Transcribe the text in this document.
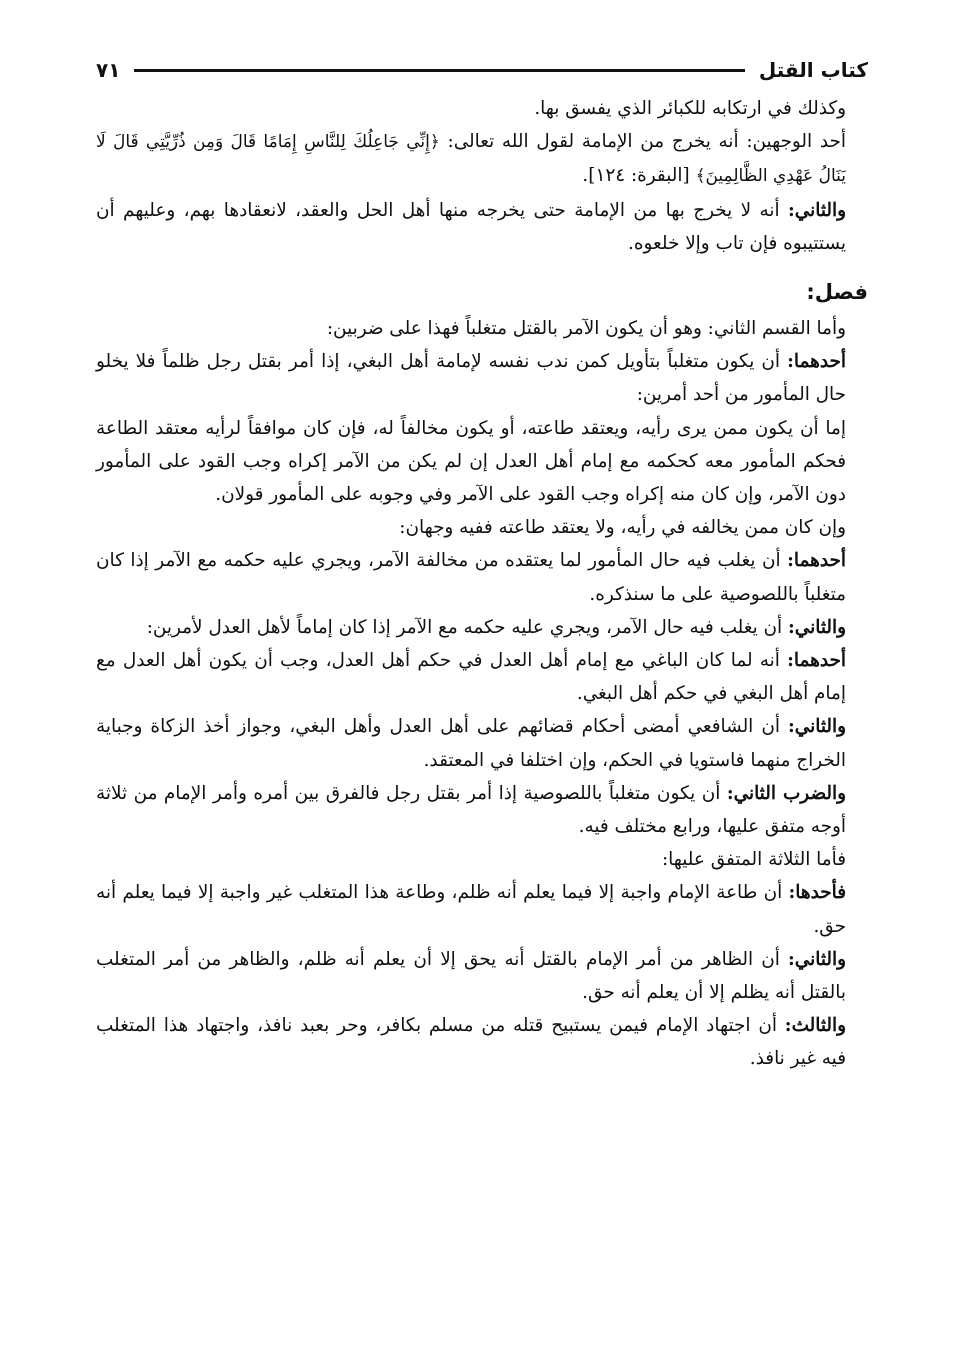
كتاب القتل
٧١

وكذلك في ارتكابه للكبائر الذي يفسق بها.

أحد الوجهين: أنه يخرج من الإمامة لقول الله تعالى: ﴿إِنِّي جَاعِلُكَ لِلنَّاسِ إِمَامًا قَالَ وَمِن ذُرِّيَّتِي قَالَ لَا يَنَالُ عَهْدِي الظَّالِمِينَ﴾ [البقرة: ١٢٤].

والثاني: أنه لا يخرج بها من الإمامة حتى يخرجه منها أهل الحل والعقد، لانعقادها بهم، وعليهم أن يستتيبوه فإن تاب وإلا خلعوه.

فصل:

وأما القسم الثاني: وهو أن يكون الآمر بالقتل متغلباً فهذا على ضربين:

أحدهما: أن يكون متغلباً بتأويل كمن ندب نفسه لإمامة أهل البغي، إذا أمر بقتل رجل ظلماً فلا يخلو حال المأمور من أحد أمرين:

إما أن يكون ممن يرى رأيه، ويعتقد طاعته، أو يكون مخالفاً له، فإن كان موافقاً لرأيه معتقد الطاعة فحكم المأمور معه كحكمه مع إمام أهل العدل إن لم يكن من الآمر إكراه وجب القود على المأمور دون الآمر، وإن كان منه إكراه وجب القود على الآمر وفي وجوبه على المأمور قولان.

وإن كان ممن يخالفه في رأيه، ولا يعتقد طاعته ففيه وجهان:

أحدهما: أن يغلب فيه حال المأمور لما يعتقده من مخالفة الآمر، ويجري عليه حكمه مع الآمر إذا كان متغلباً باللصوصية على ما سنذكره.

والثاني: أن يغلب فيه حال الآمر، ويجري عليه حكمه مع الآمر إذا كان إماماً لأهل العدل لأمرين:

أحدهما: أنه لما كان الباغي مع إمام أهل العدل في حكم أهل العدل، وجب أن يكون أهل العدل مع إمام أهل البغي في حكم أهل البغي.

والثاني: أن الشافعي أمضى أحكام قضائهم على أهل العدل وأهل البغي، وجواز أخذ الزكاة وجباية الخراج منهما فاستويا في الحكم، وإن اختلفا في المعتقد.

والضرب الثاني: أن يكون متغلباً باللصوصية إذا أمر بقتل رجل فالفرق بين أمره وأمر الإمام من ثلاثة أوجه متفق عليها، ورابع مختلف فيه.

فأما الثلاثة المتفق عليها:

فأحدها: أن طاعة الإمام واجبة إلا فيما يعلم أنه ظلم، وطاعة هذا المتغلب غير واجبة إلا فيما يعلم أنه حق.

والثاني: أن الظاهر من أمر الإمام بالقتل أنه يحق إلا أن يعلم أنه ظلم، والظاهر من أمر المتغلب بالقتل أنه يظلم إلا أن يعلم أنه حق.

والثالث: أن اجتهاد الإمام فيمن يستبيح قتله من مسلم بكافر، وحر بعبد نافذ، واجتهاد هذا المتغلب فيه غير نافذ.
